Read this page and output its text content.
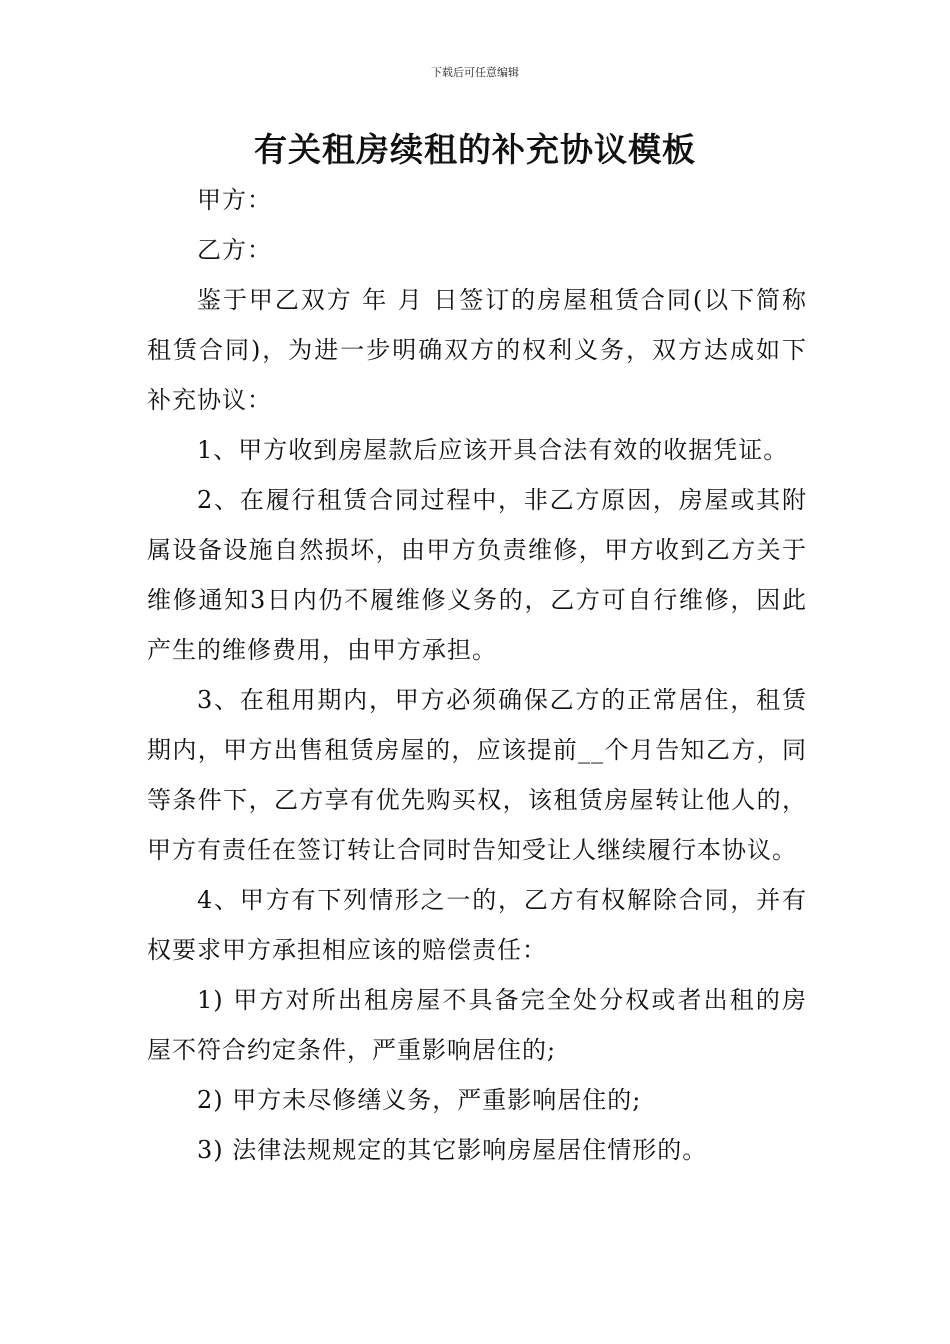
下载后可任意编辑
有关租房续租的补充协议模板

甲方：

乙方：

鉴于甲乙双方 年 月 日签订的房屋租赁合同(以下简称租赁合同)，为进一步明确双方的权利义务，双方达成如下补充协议：

1、甲方收到房屋款后应该开具合法有效的收据凭证。

2、在履行租赁合同过程中，非乙方原因，房屋或其附属设备设施自然损坏，由甲方负责维修，甲方收到乙方关于维修通知3日内仍不履维修义务的，乙方可自行维修，因此产生的维修费用，由甲方承担。

3、在租用期内，甲方必须确保乙方的正常居住，租赁期内，甲方出售租赁房屋的，应该提前__个月告知乙方，同等条件下，乙方享有优先购买权，该租赁房屋转让他人的，甲方有责任在签订转让合同时告知受让人继续履行本协议。

4、甲方有下列情形之一的，乙方有权解除合同，并有权要求甲方承担相应该的赔偿责任：

1) 甲方对所出租房屋不具备完全处分权或者出租的房屋不符合约定条件，严重影响居住的;

2) 甲方未尽修缮义务，严重影响居住的;

3) 法律法规规定的其它影响房屋居住情形的。
